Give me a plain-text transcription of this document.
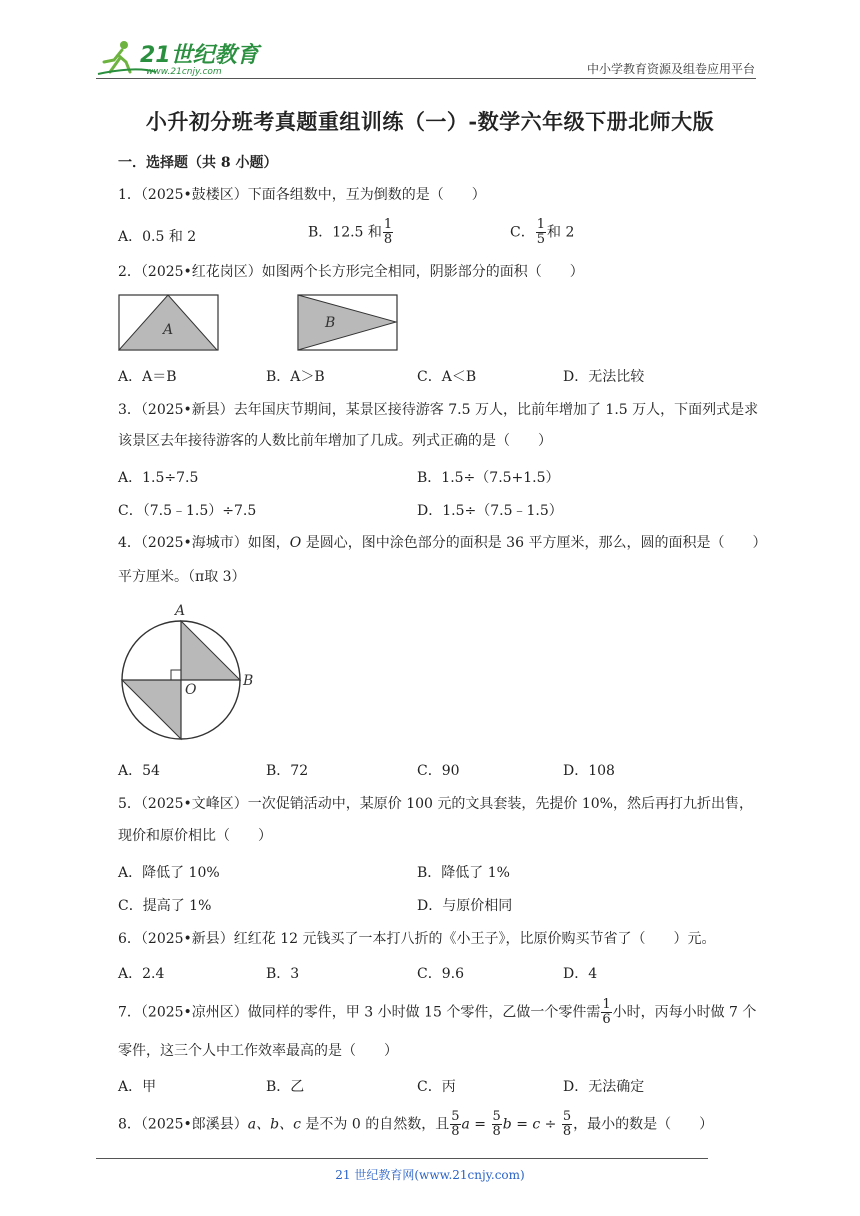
21世纪教育
www.21cnjy.com	中小学教育资源及组卷应用平台
小升初分班考真题重组训练（一）-数学六年级下册北师大版
一．选择题（共 8 小题）
1．（2025•鼓楼区）下面各组数中，互为倒数的是（　　）
A．0.5 和 2	B．12.5 和 $\frac{1}{8}$	C． $\frac{1}{5}$ 和 2
2．（2025•红花岗区）如图两个长方形完全相同，阴影部分的面积（　　）
A	B
A．A＝B	B．A＞B	C．A＜B	D．无法比较
3．（2025•新县）去年国庆节期间，某景区接待游客 7.5 万人，比前年增加了 1.5 万人，下面列式是求
该景区去年接待游客的人数比前年增加了几成。列式正确的是（　　）
A．1.5÷7.5	B．1.5÷（7.5+1.5）
C．（7.5﹣1.5）÷7.5	D．1.5÷（7.5﹣1.5）
4．（2025•海城市）如图，O 是圆心，图中涂色部分的面积是 36 平方厘米，那么，圆的面积是（　　）
平方厘米。（π取 3）
A
B
O
A．54	B．72	C．90	D．108
5．（2025•文峰区）一次促销活动中，某原价 100 元的文具套装，先提价 10%，然后再打九折出售，
现价和原价相比（　　）
A．降低了 10%	B．降低了 1%
C．提高了 1%	D．与原价相同
6．（2025•新县）红红花 12 元钱买了一本打八折的《小王子》，比原价购买节省了（　　）元。
A．2.4	B．3	C．9.6	D．4
7．（2025•凉州区）做同样的零件，甲 3 小时做 15 个零件，乙做一个零件需 $\frac{1}{6}$ 小时，丙每小时做 7 个
零件，这三个人中工作效率最高的是（　　）
A．甲	B．乙	C．丙	D．无法确定
8．（2025•郎溪县）a、b、c 是不为 0 的自然数，且 $\frac{5}{8}$ $a = \frac{5}{8}$ $b = c \div \frac{5}{8}$ ，最小的数是（　　）
21 世纪教育网(www.21cnjy.com)
